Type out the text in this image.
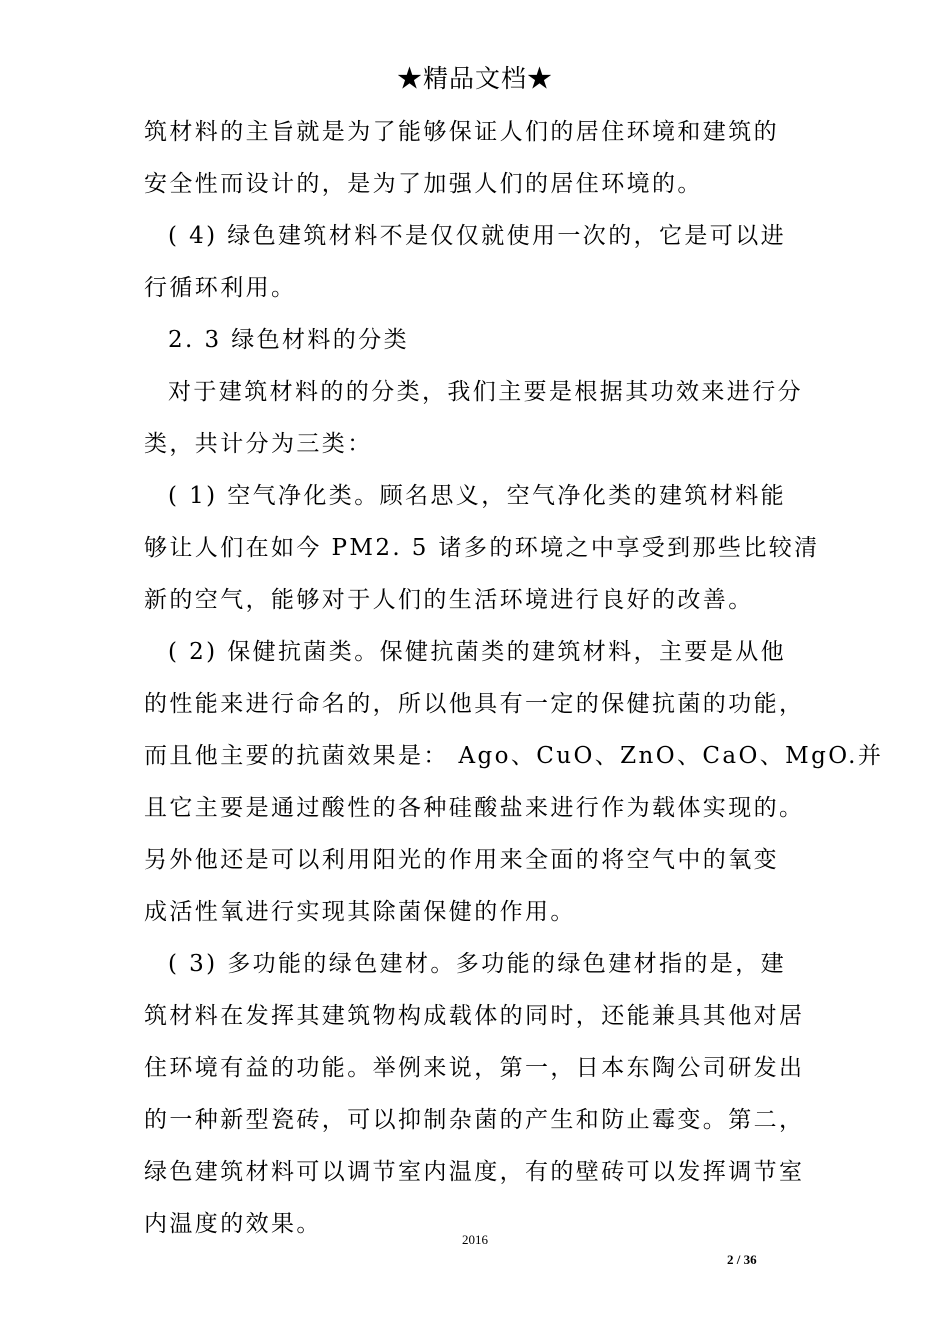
★精品文档★
筑材料的主旨就是为了能够保证人们的居住环境和建筑的
安全性而设计的，是为了加强人们的居住环境的。
( 4) 绿色建筑材料不是仅仅就使用一次的，它是可以进
行循环利用。
2. 3 绿色材料的分类
对于建筑材料的的分类，我们主要是根据其功效来进行分
类，共计分为三类：
( 1) 空气净化类。顾名思义，空气净化类的建筑材料能
够让人们在如今 PM2. 5 诸多的环境之中享受到那些比较清
新的空气，能够对于人们的生活环境进行良好的改善。
( 2) 保健抗菌类。保健抗菌类的建筑材料，主要是从他
的性能来进行命名的，所以他具有一定的保健抗菌的功能，
而且他主要的抗菌效果是： Ago、CuO、ZnO、CaO、MgO.并
且它主要是通过酸性的各种硅酸盐来进行作为载体实现的。
另外他还是可以利用阳光的作用来全面的将空气中的氧变
成活性氧进行实现其除菌保健的作用。
( 3) 多功能的绿色建材。多功能的绿色建材指的是，建
筑材料在发挥其建筑物构成载体的同时，还能兼具其他对居
住环境有益的功能。举例来说，第一，日本东陶公司研发出
的一种新型瓷砖，可以抑制杂菌的产生和防止霉变。第二，
绿色建筑材料可以调节室内温度，有的壁砖可以发挥调节室
内温度的效果。
2016
2 / 36
